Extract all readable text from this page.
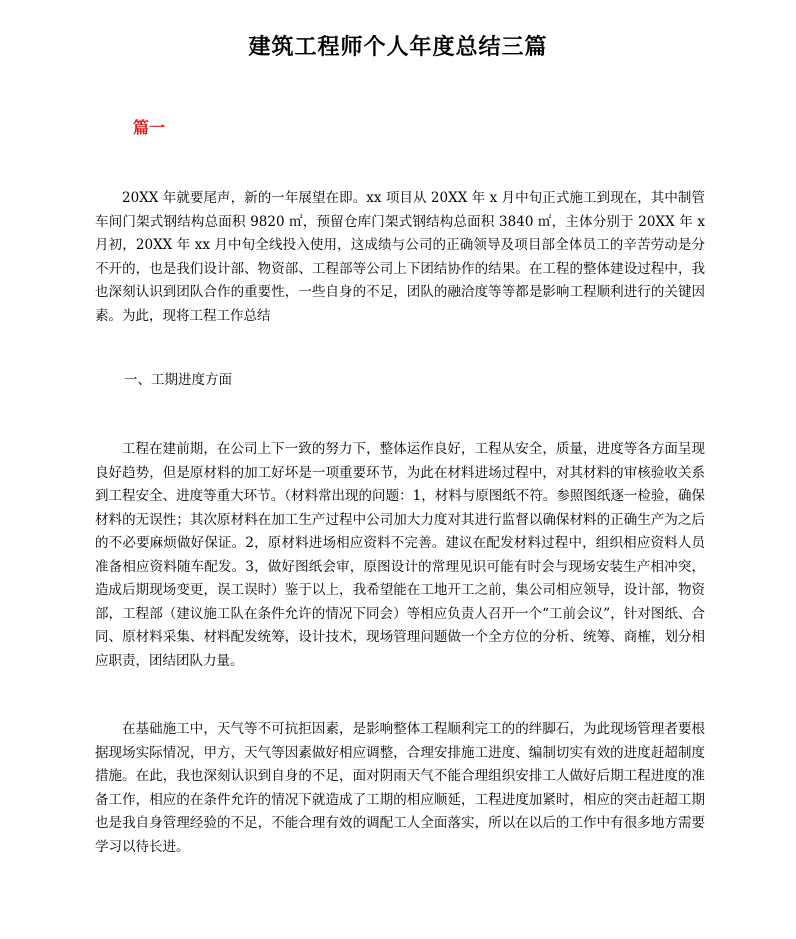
建筑工程师个人年度总结三篇
篇一

20XX 年就要尾声，新的一年展望在即。xx 项目从 20XX 年 x 月中旬正式施工到现在，其中制管车间门架式钢结构总面积 9820 ㎡，预留仓库门架式钢结构总面积 3840 ㎡，主体分别于 20XX 年 x 月初，20XX 年 xx 月中旬全线投入使用，这成绩与公司的正确领导及项目部全体员工的辛苦劳动是分不开的，也是我们设计部、物资部、工程部等公司上下团结协作的结果。在工程的整体建设过程中，我也深刻认识到团队合作的重要性，一些自身的不足，团队的融洽度等等都是影响工程顺利进行的关键因素。为此，现将工程工作总结

一、工期进度方面

工程在建前期，在公司上下一致的努力下，整体运作良好，工程从安全，质量，进度等各方面呈现良好趋势，但是原材料的加工好坏是一项重要环节，为此在材料进场过程中，对其材料的审核验收关系到工程安全、进度等重大环节。（材料常出现的问题：1，材料与原图纸不符。参照图纸逐一检验，确保材料的无误性；其次原材料在加工生产过程中公司加大力度对其进行监督以确保材料的正确生产为之后的不必要麻烦做好保证。2，原材料进场相应资料不完善。建议在配发材料过程中，组织相应资料人员准备相应资料随车配发。3，做好图纸会审，原图设计的常理见识可能有时会与现场安装生产相冲突，造成后期现场变更，误工误时）鉴于以上，我希望能在工地开工之前，集公司相应领导，设计部，物资部，工程部（建议施工队在条件允许的情况下同会）等相应负责人召开一个“工前会议”，针对图纸、合同、原材料采集、材料配发统筹，设计技术，现场管理问题做一个全方位的分析、统筹、商榷，划分相应职责，团结团队力量。

在基础施工中，天气等不可抗拒因素，是影响整体工程顺利完工的的绊脚石，为此现场管理者要根据现场实际情况，甲方，天气等因素做好相应调整，合理安排施工进度、编制切实有效的进度赶超制度措施。在此，我也深刻认识到自身的不足，面对阴雨天气不能合理组织安排工人做好后期工程进度的准备工作，相应的在条件允许的情况下就造成了工期的相应顺延，工程进度加紧时，相应的突击赶超工期也是我自身管理经验的不足，不能合理有效的调配工人全面落实，所以在以后的工作中有很多地方需要学习以待长进。
